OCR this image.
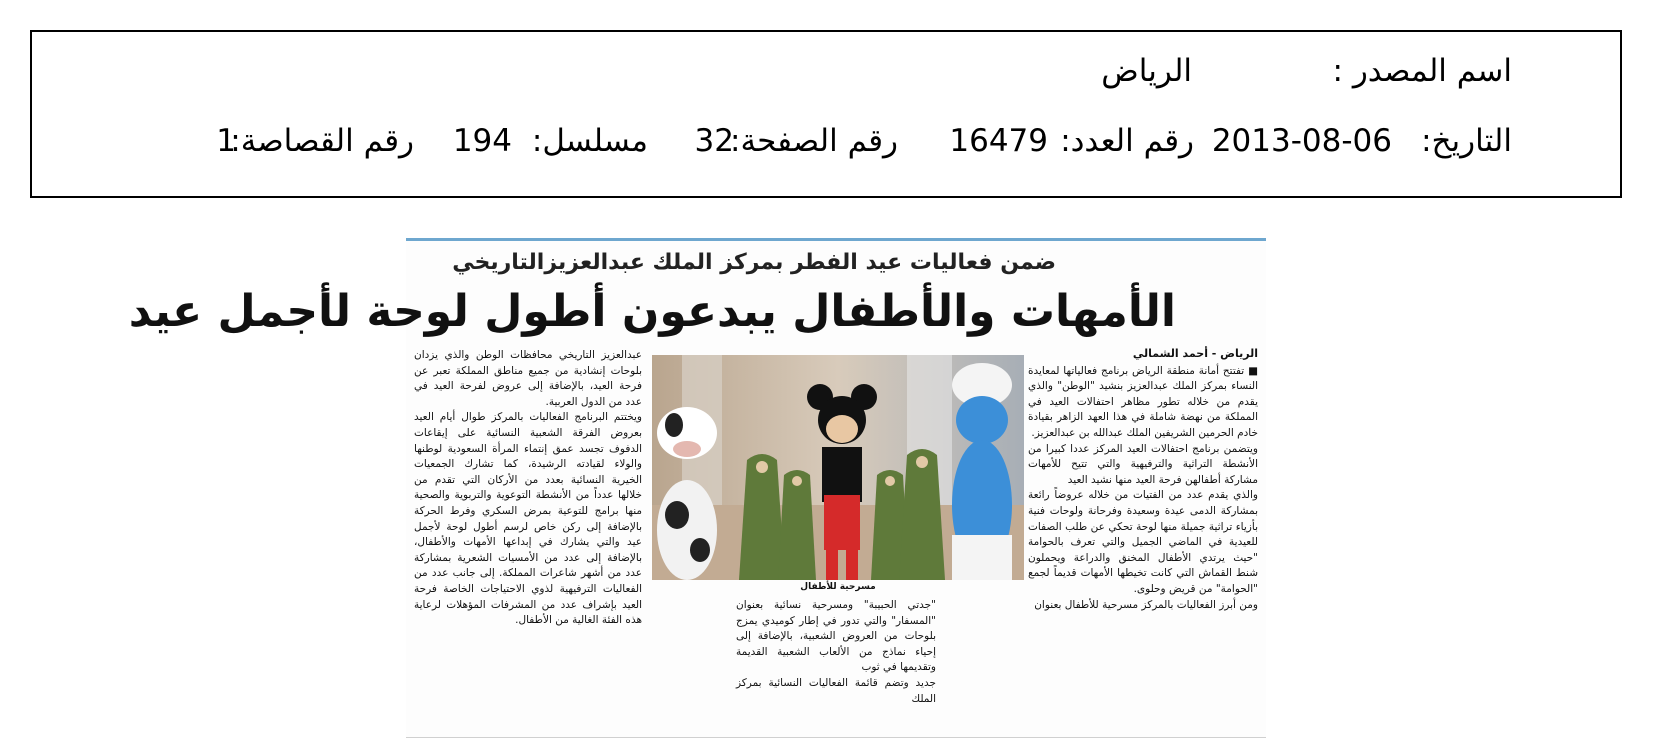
اسم المصدر :
الرياض
التاريخ:
2013-08-06
رقم العدد:
16479
رقم الصفحة:
32
مسلسل:
194
رقم القصاصة:
1
ضمن فعاليات عيد الفطر بمركز الملك عبدالعزيزالتاريخي
الأمهات والأطفال يبدعون أطول لوحة لأجمل عيد

الرياض - أحمد الشمالي

■ تفتتح أمانة منطقة الرياض برنامج فعالياتها لمعايدة النساء بمركز الملك عبدالعزيز بنشيد "الوطن" والذي يقدم من خلاله تطور مظاهر احتفالات العيد في المملكة من نهضة شاملة في هذا العهد الزاهر بقيادة خادم الحرمين الشريفين الملك عبدالله بن عبدالعزيز.

ويتضمن برنامج احتفالات العيد المركز عددا كبيرا من الأنشطة التراثية والترفيهية والتي تتيح للأمهات مشاركة أطفالهن فرحة العيد منها نشيد العيد

والذي يقدم عدد من الفتيات من خلاله عروضاً رائعة بمشاركة الدمى عيدة وسعيدة وفرحانة ولوحات فنية بأزياء تراثية جميلة منها لوحة تحكي عن طلب الصفات للعيدية في الماضي الجميل والتي تعرف بالحوامة "حيث يرتدي الأطفال المخنق والدراعة ويحملون شنط القماش التي كانت تخيطها الأمهات قديماً لجمع "الحوامة" من قريض وحلوى.

ومن أبرز الفعاليات بالمركز مسرحية للأطفال بعنوان

مسرحية للأطفال

"جدتي الحبيبة" ومسرحية نسائية بعنوان "المسفار" والتي تدور في إطار كوميدي يمزج بلوحات من العروض الشعبية، بالإضافة إلى إحياء نماذج من الألعاب الشعبية القديمة وتقديمها في ثوب

جديد وتضم قائمة الفعاليات النسائية بمركز الملك

عبدالعزيز التاريخي محافظات الوطن والذي يزدان بلوحات إنشادية من جميع مناطق المملكة تعبر عن فرحة العيد، بالإضافة إلى عروض لفرحة العيد في عدد من الدول العربية.

ويختتم البرنامج الفعاليات بالمركز طوال أيام العيد بعروض الفرقة الشعبية النسائية على إيقاعات الدفوف تجسد عمق إنتماء المرأة السعودية لوطنها والولاء لقيادته الرشيدة، كما تشارك الجمعيات الخيرية النسائية بعدد من الأركان التي تقدم من خلالها عدداً من الأنشطة التوعوية والتربوية والصحية منها برامج للتوعية بمرض السكري وفرط الحركة بالإضافة إلى ركن خاص لرسم أطول لوحة لأجمل عيد والتي يشارك في إبداعها الأمهات والأطفال، بالإضافة إلى عدد من الأمسيات الشعرية بمشاركة عدد من أشهر شاعرات المملكة. إلى جانب عدد من الفعاليات الترفيهية لذوي الاحتياجات الخاصة فرحة العيد بإشراف عدد من المشرفات المؤهلات لرعاية هذه الفئة الغالية من الأطفال.
